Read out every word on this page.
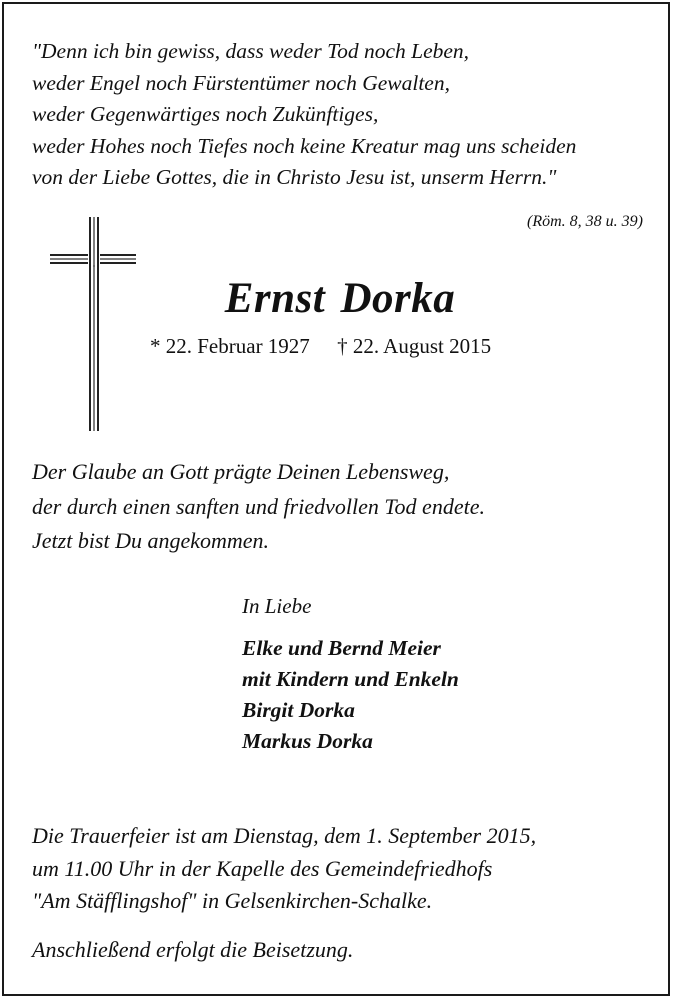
"Denn ich bin gewiss, dass weder Tod noch Leben,
weder Engel noch Fürstentümer noch Gewalten,
weder Gegenwärtiges noch Zukünftiges,
weder Hohes noch Tiefes noch keine Kreatur mag uns scheiden
von der Liebe Gottes, die in Christo Jesu ist, unserm Herrn."
(Röm. 8, 38 u. 39)
Ernst Dorka
* 22. Februar 1927 † 22. August 2015
Der Glaube an Gott prägte Deinen Lebensweg,
der durch einen sanften und friedvollen Tod endete.
Jetzt bist Du angekommen.
In Liebe
Elke und Bernd Meier
mit Kindern und Enkeln
Birgit Dorka
Markus Dorka
Die Trauerfeier ist am Dienstag, dem 1. September 2015,
um 11.00 Uhr in der Kapelle des Gemeindefriedhofs
"Am Stäfflingshof" in Gelsenkirchen-Schalke.
Anschließend erfolgt die Beisetzung.
